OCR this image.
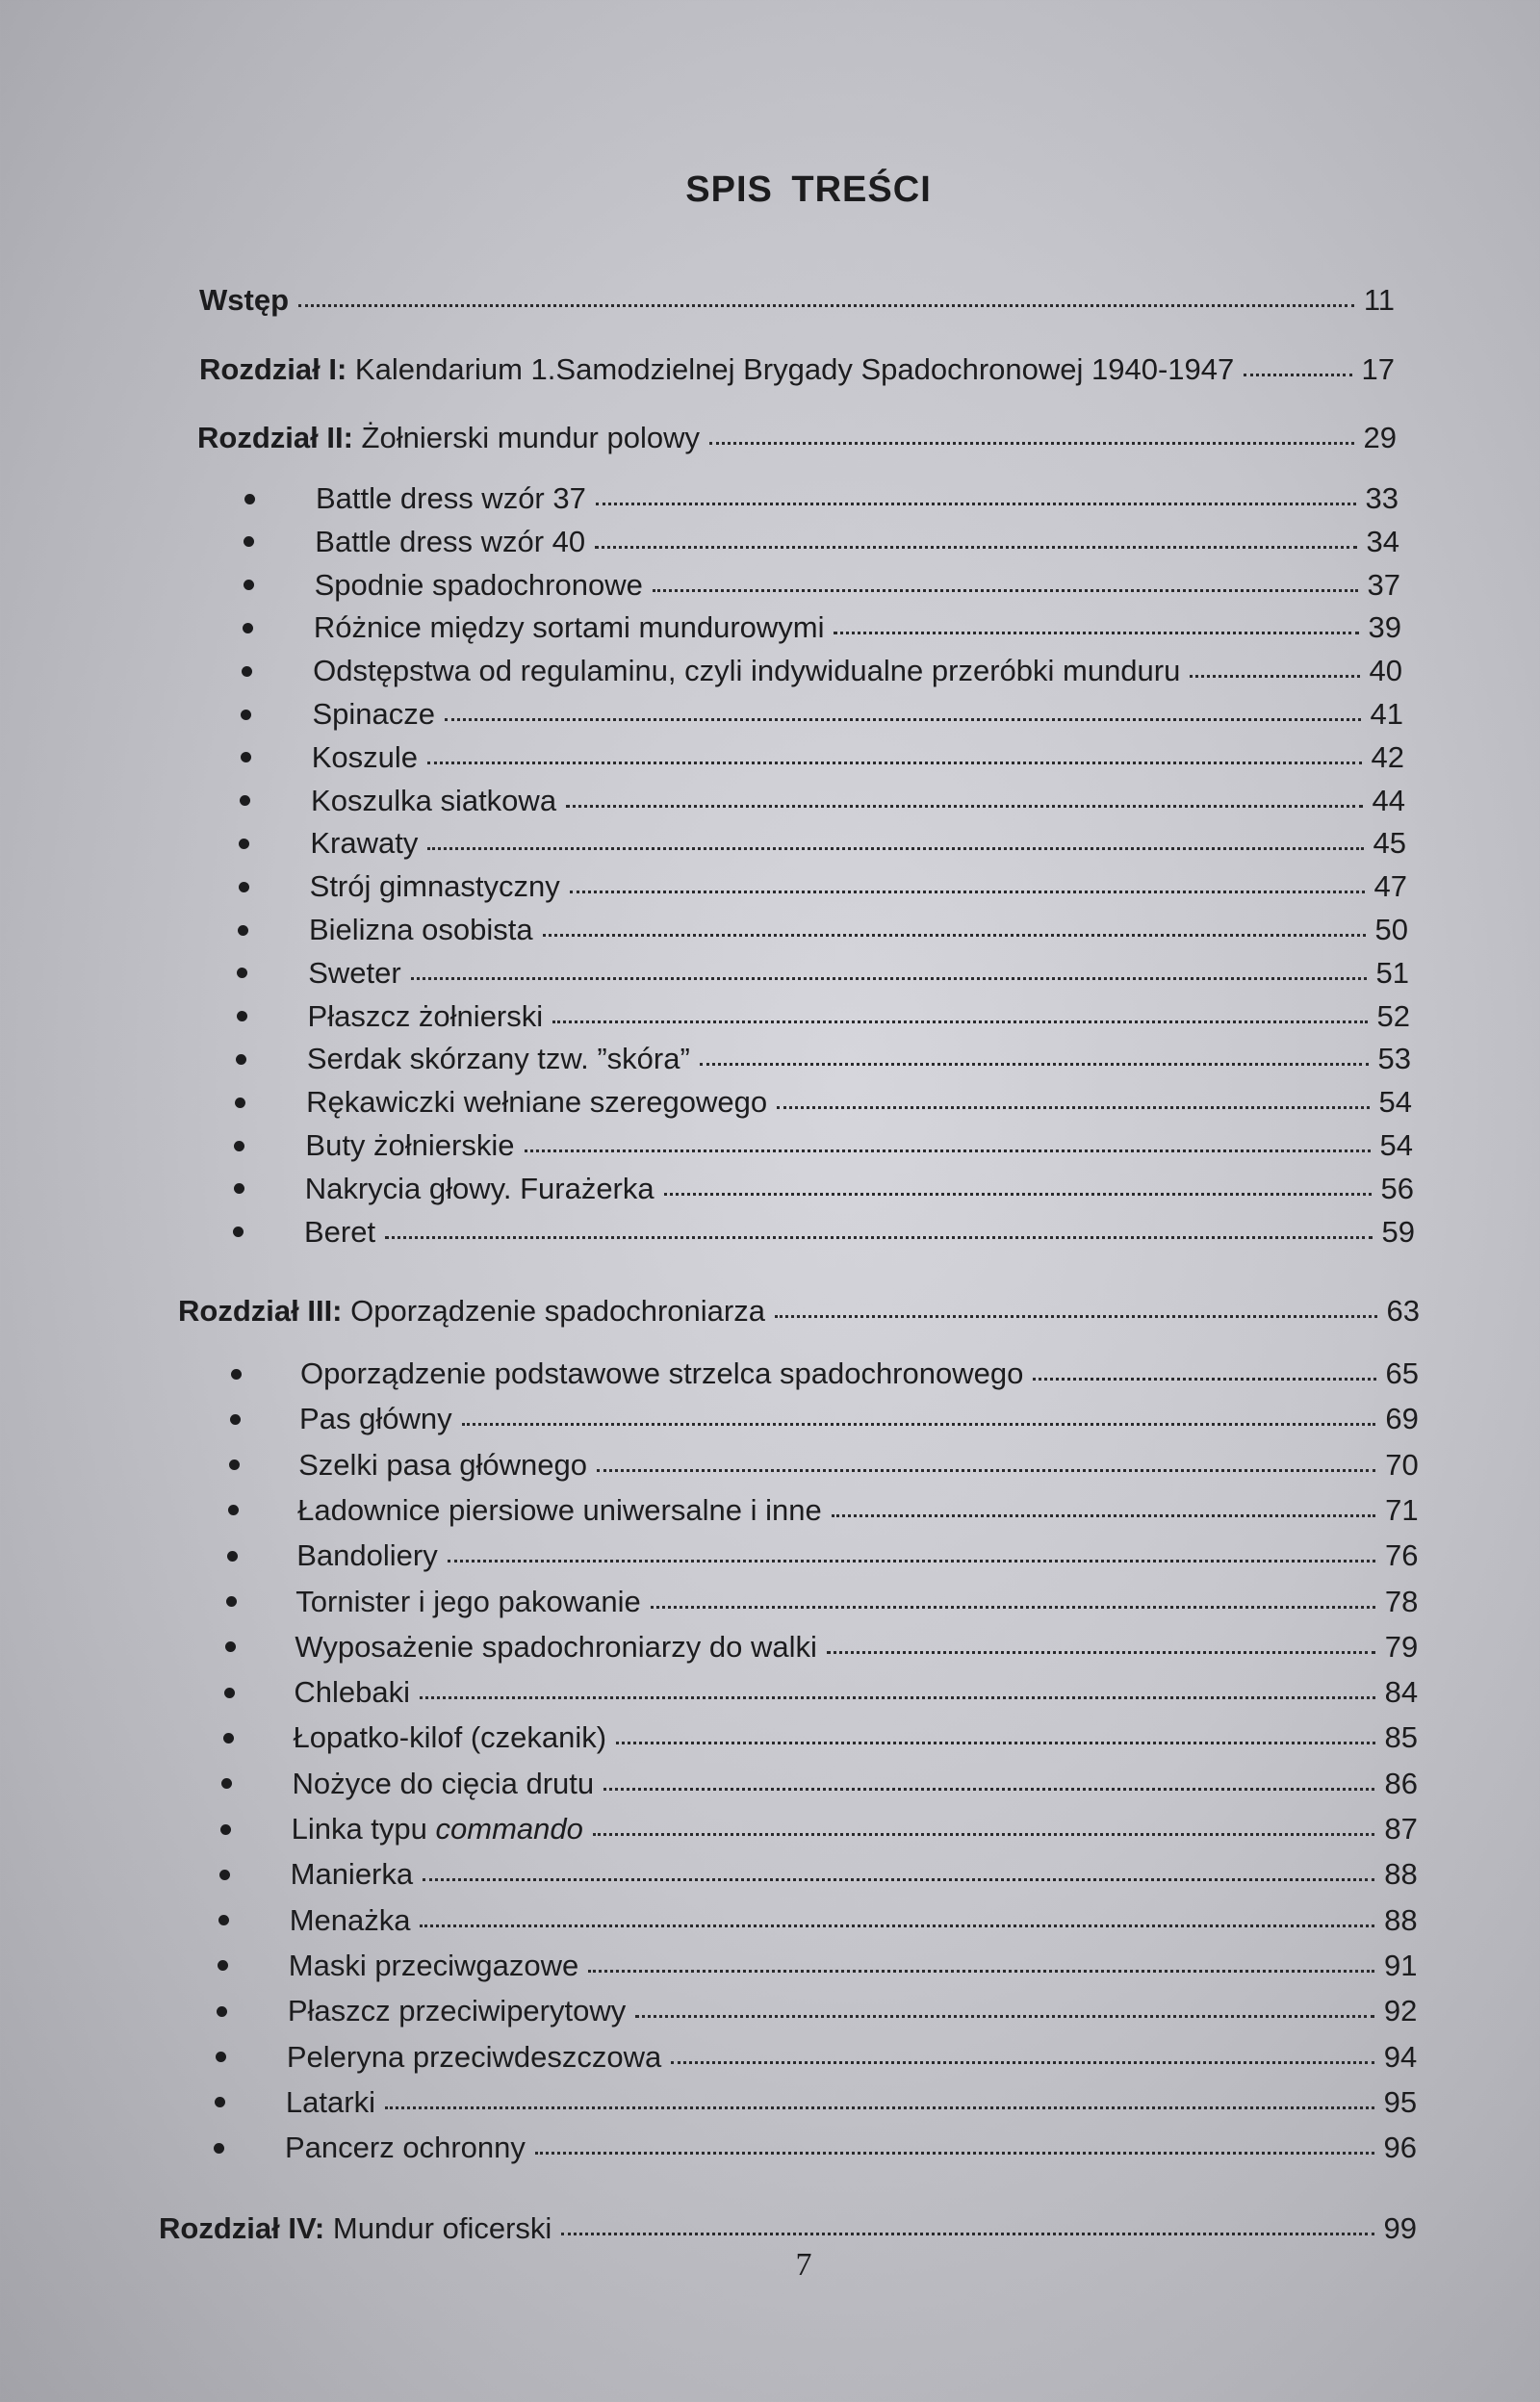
SPIS TREŚCI
Wstęp	11
Rozdział I: Kalendarium 1.Samodzielnej Brygady Spadochronowej 1940-1947	17
Rozdział II: Żołnierski mundur polowy	29
Battle dress wzór 37	33
Battle dress wzór 40	34
Spodnie spadochronowe	37
Różnice między sortami mundurowymi	39
Odstępstwa od regulaminu, czyli indywidualne przeróbki munduru	40
Spinacze	41
Koszule	42
Koszulka siatkowa	44
Krawaty	45
Strój gimnastyczny	47
Bielizna osobista	50
Sweter	51
Płaszcz żołnierski	52
Serdak skórzany tzw. ”skóra”	53
Rękawiczki wełniane szeregowego	54
Buty żołnierskie	54
Nakrycia głowy. Furażerka	56
Beret	59
Rozdział III: Oporządzenie spadochroniarza	63
Oporządzenie podstawowe strzelca spadochronowego	65
Pas główny	69
Szelki pasa głównego	70
Ładownice piersiowe uniwersalne i inne	71
Bandoliery	76
Tornister i jego pakowanie	78
Wyposażenie spadochroniarzy do walki	79
Chlebaki	84
Łopatko-kilof (czekanik)	85
Nożyce do cięcia drutu	86
Linka typu commando	87
Manierka	88
Menażka	88
Maski przeciwgazowe	91
Płaszcz przeciwiperytowy	92
Peleryna przeciwdeszczowa	94
Latarki	95
Pancerz ochronny	96
Rozdział IV: Mundur oficerski	99
7
